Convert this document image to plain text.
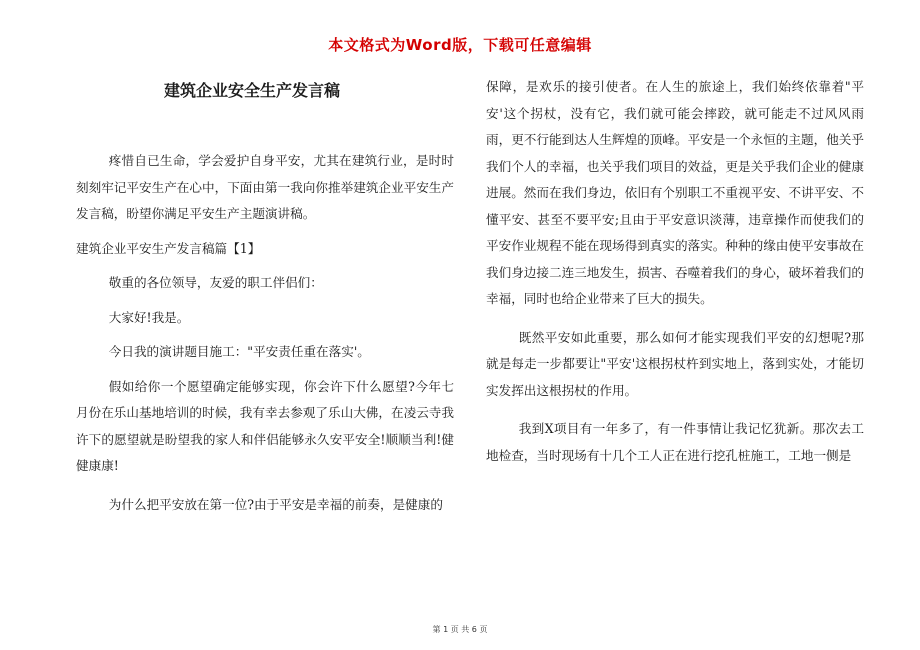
本文格式为Word版，下载可任意编辑
建筑企业安全生产发言稿

疼惜自已生命，学会爱护自身平安，尤其在建筑行业，是时时刻刻牢记平安生产在心中，下面由第一我向你推举建筑企业平安生产发言稿，盼望你满足平安生产主题演讲稿。

建筑企业平安生产发言稿篇【1】

敬重的各位领导，友爱的职工伴侣们：

大家好!我是。

今日我的演讲题目施工："平安责任重在落实'。

假如给你一个愿望确定能够实现，你会许下什么愿望?今年七月份在乐山基地培训的时候，我有幸去参观了乐山大佛，在凌云寺我许下的愿望就是盼望我的家人和伴侣能够永久安平安全!顺顺当利!健健康康!

为什么把平安放在第一位?由于平安是幸福的前奏，是健康的

保障，是欢乐的接引使者。在人生的旅途上，我们始终依靠着"平安'这个拐杖，没有它，我们就可能会摔跤，就可能走不过风风雨雨，更不行能到达人生辉煌的顶峰。平安是一个永恒的主题，他关乎我们个人的幸福，也关乎我们项目的效益，更是关乎我们企业的健康进展。然而在我们身边，依旧有个别职工不重视平安、不讲平安、不懂平安、甚至不要平安;且由于平安意识淡薄，违章操作而使我们的平安作业规程不能在现场得到真实的落实。种种的缘由使平安事故在我们身边接二连三地发生，损害、吞噬着我们的身心，破坏着我们的幸福，同时也给企业带来了巨大的损失。

既然平安如此重要，那么如何才能实现我们平安的幻想呢?那就是每走一步都要让"平安'这根拐杖杵到实地上，落到实处，才能切实发挥出这根拐杖的作用。

我到X项目有一年多了，有一件事情让我记忆犹新。那次去工地检查，当时现场有十几个工人正在进行挖孔桩施工，工地一侧是

第 1 页 共 6 页
